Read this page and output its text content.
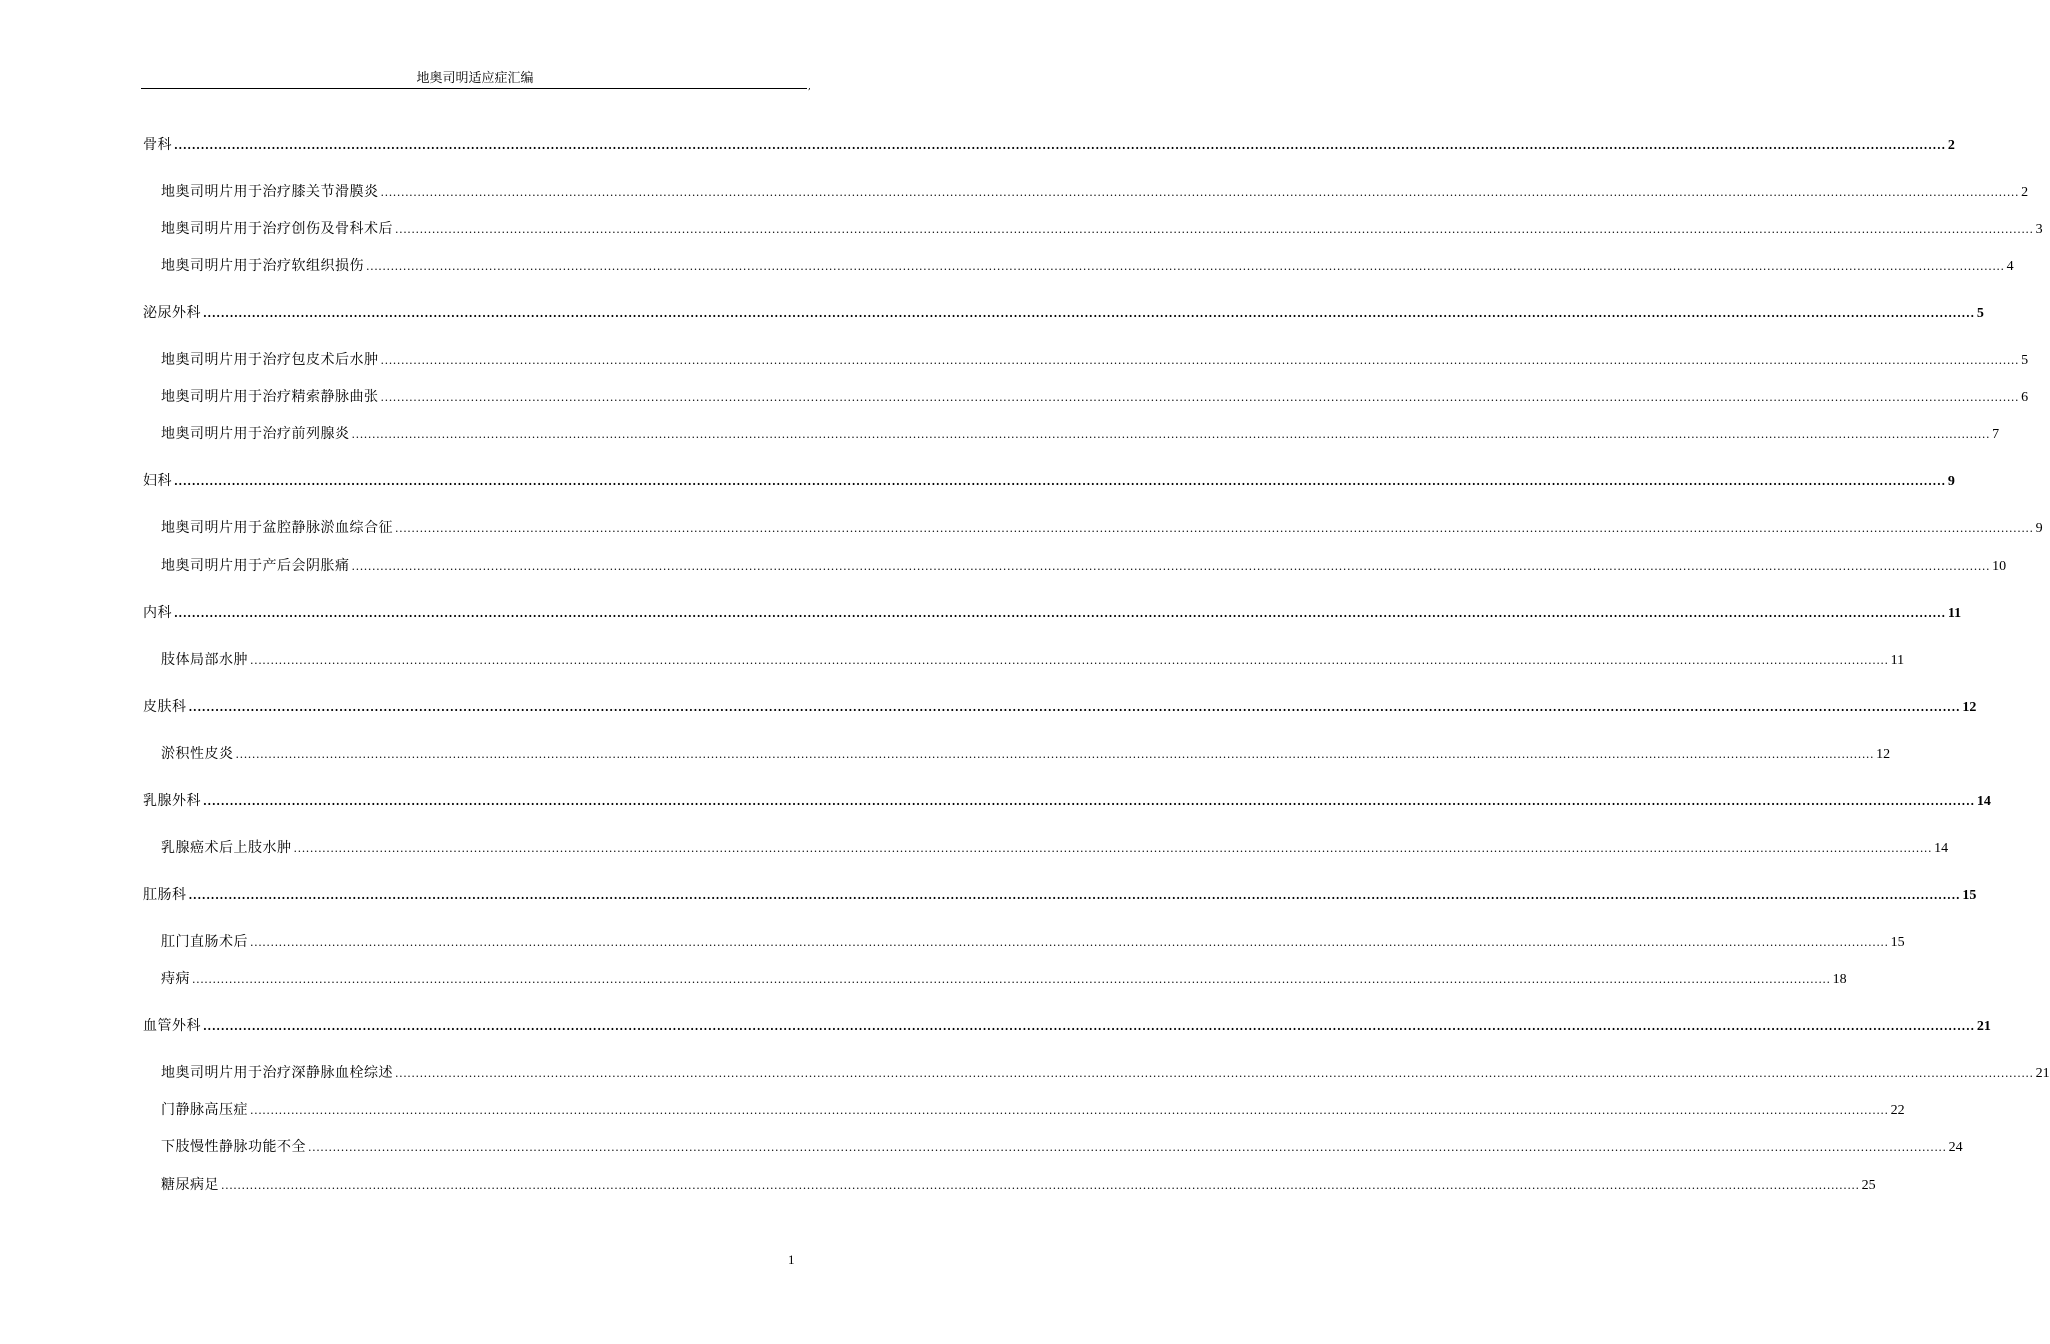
地奥司明适应症汇编
,
骨科 ................................................................................................................................................................................................................................................................................................................................................................................................................ 2
地奥司明片用于治疗膝关节滑膜炎 ................................................................................................................................................................................................................................................................................................................................................................................................................ 2
地奥司明片用于治疗创伤及骨科术后 ................................................................................................................................................................................................................................................................................................................................................................................................................ 3
地奥司明片用于治疗软组织损伤 ................................................................................................................................................................................................................................................................................................................................................................................................................ 4
泌尿外科 ................................................................................................................................................................................................................................................................................................................................................................................................................ 5
地奥司明片用于治疗包皮术后水肿 ................................................................................................................................................................................................................................................................................................................................................................................................................ 5
地奥司明片用于治疗精索静脉曲张 ................................................................................................................................................................................................................................................................................................................................................................................................................ 6
地奥司明片用于治疗前列腺炎 ................................................................................................................................................................................................................................................................................................................................................................................................................ 7
妇科 ................................................................................................................................................................................................................................................................................................................................................................................................................ 9
地奥司明片用于盆腔静脉淤血综合征 ................................................................................................................................................................................................................................................................................................................................................................................................................ 9
地奥司明片用于产后会阴胀痛 ................................................................................................................................................................................................................................................................................................................................................................................................................ 10
内科 ................................................................................................................................................................................................................................................................................................................................................................................................................ 11
肢体局部水肿 ................................................................................................................................................................................................................................................................................................................................................................................................................ 11
皮肤科 ................................................................................................................................................................................................................................................................................................................................................................................................................ 12
淤积性皮炎 ................................................................................................................................................................................................................................................................................................................................................................................................................ 12
乳腺外科 ................................................................................................................................................................................................................................................................................................................................................................................................................ 14
乳腺癌术后上肢水肿 ................................................................................................................................................................................................................................................................................................................................................................................................................ 14
肛肠科 ................................................................................................................................................................................................................................................................................................................................................................................................................ 15
肛门直肠术后 ................................................................................................................................................................................................................................................................................................................................................................................................................ 15
痔病 ................................................................................................................................................................................................................................................................................................................................................................................................................ 18
血管外科 ................................................................................................................................................................................................................................................................................................................................................................................................................ 21
地奥司明片用于治疗深静脉血栓综述 ................................................................................................................................................................................................................................................................................................................................................................................................................ 21
门静脉高压症 ................................................................................................................................................................................................................................................................................................................................................................................................................ 22
下肢慢性静脉功能不全 ................................................................................................................................................................................................................................................................................................................................................................................................................ 24
糖尿病足 ................................................................................................................................................................................................................................................................................................................................................................................................................ 25
1
